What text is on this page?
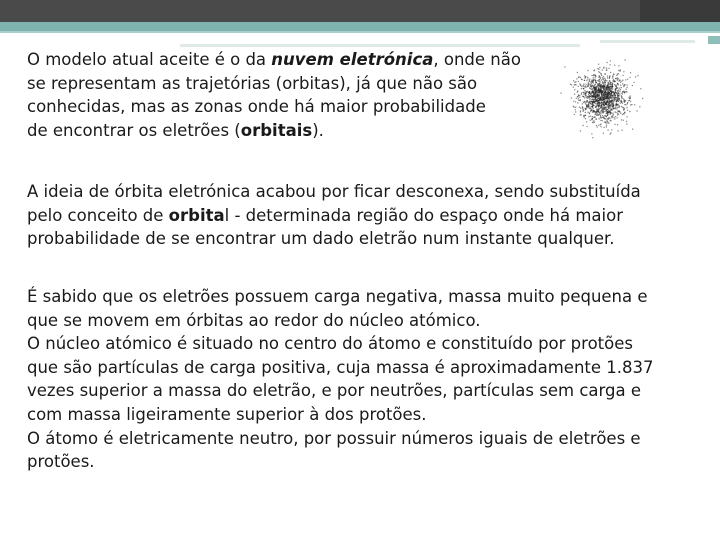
O modelo atual aceite é o da nuvem eletrónica, onde não
se representam as trajetórias (orbitas), já que não são
conhecidas, mas as zonas onde há maior probabilidade
de encontrar os eletrões (orbitais).

A ideia de órbita eletrónica acabou por ficar desconexa, sendo substituída
pelo conceito de orbital - determinada região do espaço onde há maior
probabilidade de se encontrar um dado eletrão num instante qualquer.

É sabido que os eletrões possuem carga negativa, massa muito pequena e
que se movem em órbitas ao redor do núcleo atómico.
O núcleo atómico é situado no centro do átomo e constituído por protões
que são partículas de carga positiva, cuja massa é aproximadamente 1.837
vezes superior a massa do eletrão, e por neutrões, partículas sem carga e
com massa ligeiramente superior à dos protões.
O átomo é eletricamente neutro, por possuir números iguais de eletrões e
protões.
